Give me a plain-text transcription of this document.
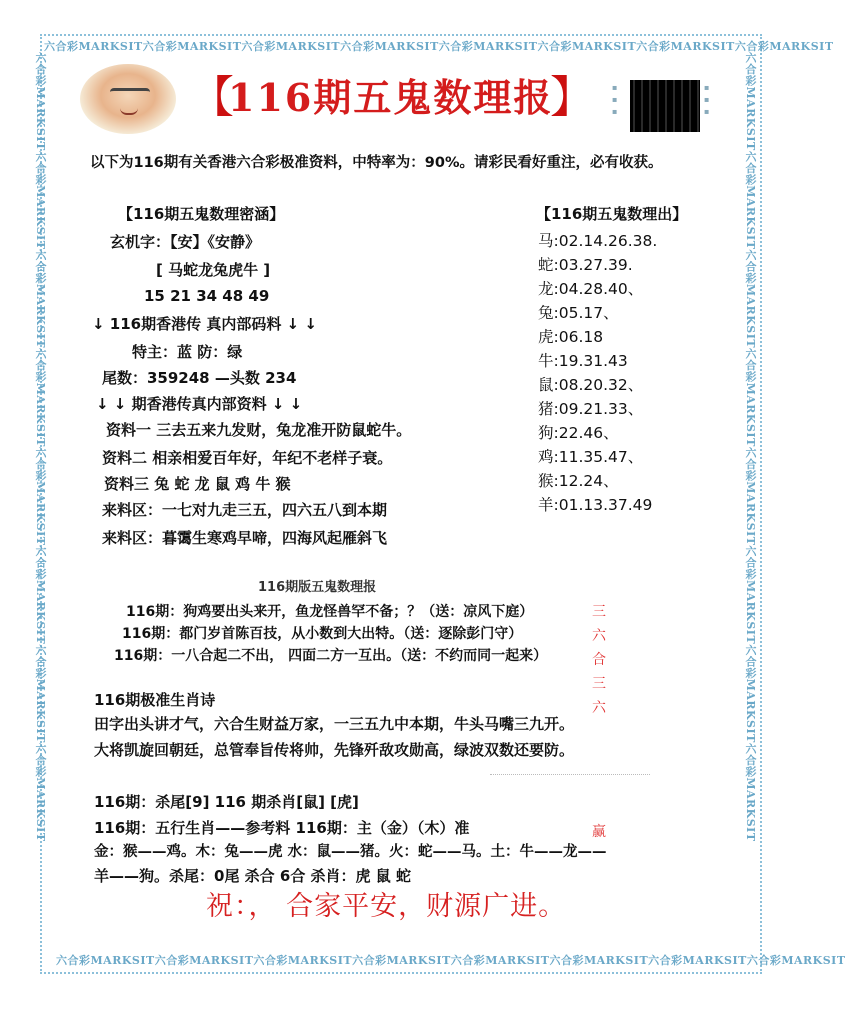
六合彩MARKSIT六合彩MARKSIT六合彩MARKSIT六合彩MARKSIT六合彩MARKSIT六合彩MARKSIT六合彩MARKSIT六合彩MARKSIT
六合彩MARKSIT六合彩MARKSIT六合彩MARKSIT六合彩MARKSIT六合彩MARKSIT六合彩MARKSIT六合彩MARKSIT六合彩MARKSIT
六合彩MARKSIT六合彩MARKSIT六合彩MARKSIT六合彩MARKSIT六合彩MARKSIT六合彩MARKSIT六合彩MARKSIT六合彩MARKSIT	六合彩MARKSIT六合彩MARKSIT六合彩MARKSIT六合彩MARKSIT六合彩MARKSIT六合彩MARKSIT六合彩MARKSIT六合彩MARKSIT
【
116期五鬼数理报
】 ▪
▪
▪
▪
▪
▪
以下为116期有关香港六合彩极准资料，中特率为：90%。请彩民看好重注，必有收获。
【116期五鬼数理密涵】
玄机字：【安】《安静》
[ 马蛇龙兔虎牛 ]
15 21 34 48 49
↓ 116期香港传 真内部码料 ↓ ↓
特主：蓝 防：绿
尾数：359248 —头数 234
↓ ↓ 期香港传真内部资料 ↓ ↓
资料一 三去五来九发财，兔龙准开防鼠蛇牛。
资料二 相亲相爱百年好，年纪不老样子衰。
资料三 兔 蛇 龙 鼠 鸡 牛 猴
来料区：一七对九走三五，四六五八到本期
来料区：暮霭生寒鸡早啼，四海风起雁斜飞
【116期五鬼数理出】
马:02.14.26.38.
蛇:03.27.39.
龙:04.28.40、
兔:05.17、
虎:06.18
牛:19.31.43
鼠:08.20.32、
猪:09.21.33、
狗:22.46、
鸡:11.35.47、
猴:12.24、
羊:01.13.37.49
116期版五鬼数理报
116期：狗鸡要出头来开，鱼龙怪兽罕不备；？（送：凉风下庭）
116期：都门岁首陈百技，从小数到大出特。（送：逐除彭门守）
116期：一八合起二不出， 四面二方一互出。（送：不约而同一起来）
116期极准生肖诗
田字出头讲才气，六合生财益万家，一三五九中本期，牛头马嘴三九开。
大将凯旋回朝廷，总管奉旨传将帅，先锋歼敌攻勋高，绿波双数还要防。
116期：杀尾[9] 116 期杀肖[鼠] [虎]
116期：五行生肖——参考料 116期：主（金）（木）准
金：猴——鸡。木：兔——虎 水：鼠——猪。火：蛇——马。土：牛——龙——
羊——狗。杀尾：0尾 杀合 6合 杀肖：虎 鼠 蛇
三六合三六
赢
祝：， 合家平安，财源广进。
